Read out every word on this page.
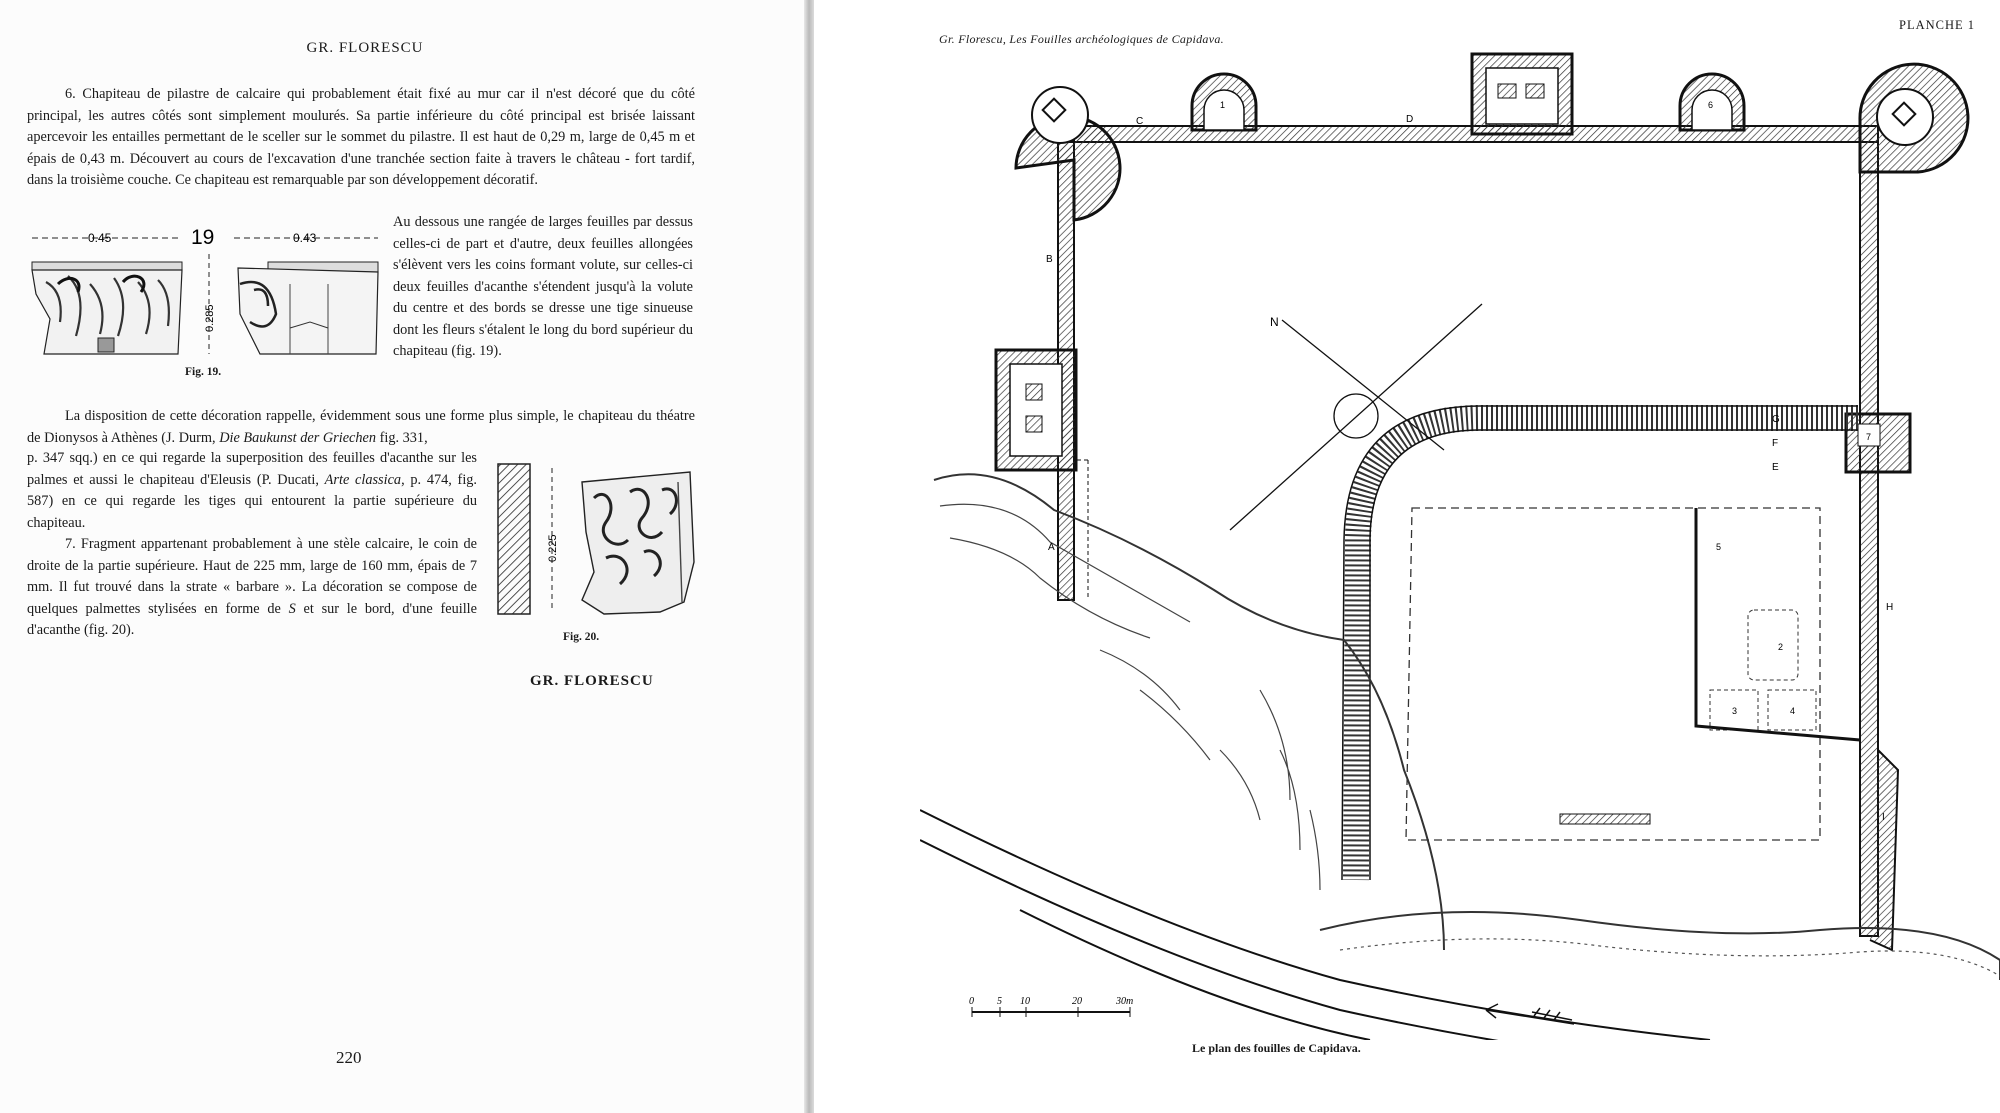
GR. FLORESCU

6. Chapiteau de pilastre de calcaire qui probablement était fixé au mur car il n'est décoré que du côté principal, les autres côtés sont simplement moulurés. Sa partie inférieure du côté principal est brisée laissant apercevoir les entailles permettant de le sceller sur le sommet du pilastre. Il est haut de 0,29 m, large de 0,45 m et épais de 0,43 m. Découvert au cours de l'excavation d'une tranchée section faite à travers le château - fort tardif, dans la troisième couche. Ce chapiteau est remarquable par son développement décoratif.

0.45	0.43
19
0.285
Fig. 19.

Au dessous une rangée de larges feuilles par dessus celles-ci de part et d'autre, deux feuilles allongées s'élèvent vers les coins formant volute, sur celles-ci deux feuilles d'acanthe s'étendent jusqu'à la volute du centre et des bords se dresse une tige sinueuse dont les fleurs s'étalent le long du bord supérieur du chapiteau (fig. 19).

La disposition de cette décoration rappelle, évidemment sous une forme plus simple, le chapiteau du théatre de Dionysos à Athènes (J. Durm, Die Baukunst der Griechen fig. 331,

p. 347 sqq.) en ce qui regarde la superposition des feuilles d'acanthe sur les palmes et aussi le chapiteau d'Eleusis (P. Ducati, Arte classica, p. 474, fig. 587) en ce qui regarde les tiges qui entourent la partie supérieure du chapiteau.

7. Fragment appartenant probablement à une stèle calcaire, le coin de droite de la partie supérieure. Haut de 225 mm, large de 160 mm, épais de 7 mm. Il fut trouvé dans la strate « barbare ». La décoration se compose de quelques palmettes stylisées en forme de S et sur le bord, d'une feuille d'acanthe (fig. 20).

0.225
Fig. 20.
GR. FLORESCU
220
Gr. Florescu, Les Fouilles archéologiques de Capidava.
PLANCHE 1
N
A
B
C	D
E
F
G
H
I
1
2
3	4
5
6
7
0 5 10	20	30m
Le plan des fouilles de Capidava.
